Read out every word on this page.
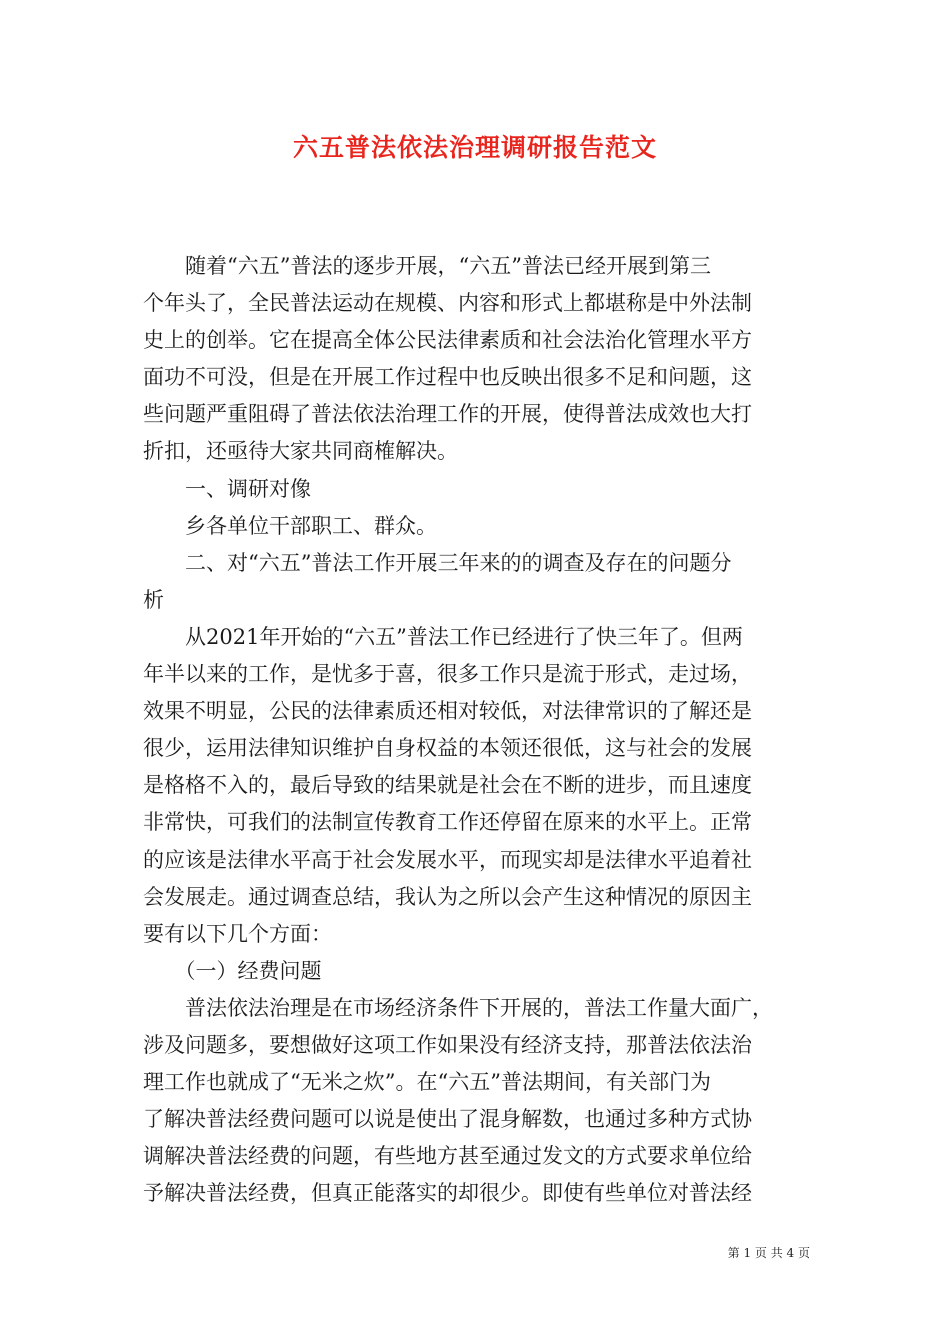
六五普法依法治理调研报告范文
　　随着“六五”普法的逐步开展，“六五”普法已经开展到第三
个年头了，全民普法运动在规模、内容和形式上都堪称是中外法制
史上的创举。它在提高全体公民法律素质和社会法治化管理水平方
面功不可没，但是在开展工作过程中也反映出很多不足和问题，这
些问题严重阻碍了普法依法治理工作的开展，使得普法成效也大打
折扣，还亟待大家共同商榷解决。
　　一、调研对像
　　乡各单位干部职工、群众。
　　二、对“六五”普法工作开展三年来的的调查及存在的问题分
析
　　从2021年开始的“六五”普法工作已经进行了快三年了。但两
年半以来的工作，是忧多于喜，很多工作只是流于形式，走过场，
效果不明显，公民的法律素质还相对较低，对法律常识的了解还是
很少，运用法律知识维护自身权益的本领还很低，这与社会的发展
是格格不入的，最后导致的结果就是社会在不断的进步，而且速度
非常快，可我们的法制宣传教育工作还停留在原来的水平上。正常
的应该是法律水平高于社会发展水平，而现实却是法律水平追着社
会发展走。通过调查总结，我认为之所以会产生这种情况的原因主
要有以下几个方面：
　　（一）经费问题
　　普法依法治理是在市场经济条件下开展的，普法工作量大面广，
涉及问题多，要想做好这项工作如果没有经济支持，那普法依法治
理工作也就成了“无米之炊”。在“六五”普法期间，有关部门为
了解决普法经费问题可以说是使出了混身解数，也通过多种方式协
调解决普法经费的问题，有些地方甚至通过发文的方式要求单位给
予解决普法经费，但真正能落实的却很少。即使有些单位对普法经
第 1 页 共 4 页
